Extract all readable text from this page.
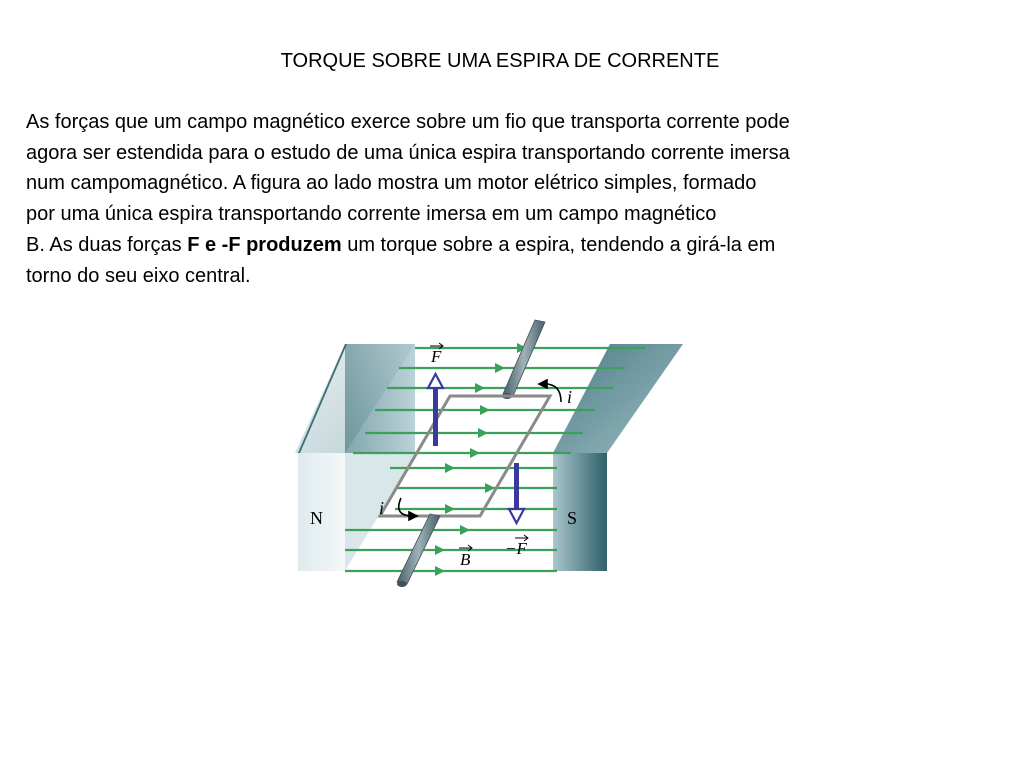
TORQUE SOBRE UMA ESPIRA DE CORRENTE
As forças que um campo magnético exerce sobre um fio que transporta corrente pode
agora ser estendida para o estudo de uma única espira transportando corrente imersa
num campomagnético. A figura ao lado mostra um motor elétrico simples, formado
por uma única espira transportando corrente imersa em um campo magnético
B. As duas forças F e -F produzem um torque sobre a espira, tendendo a girá-la em
torno do seu eixo central.
F
−F
i
i
B
N	S
